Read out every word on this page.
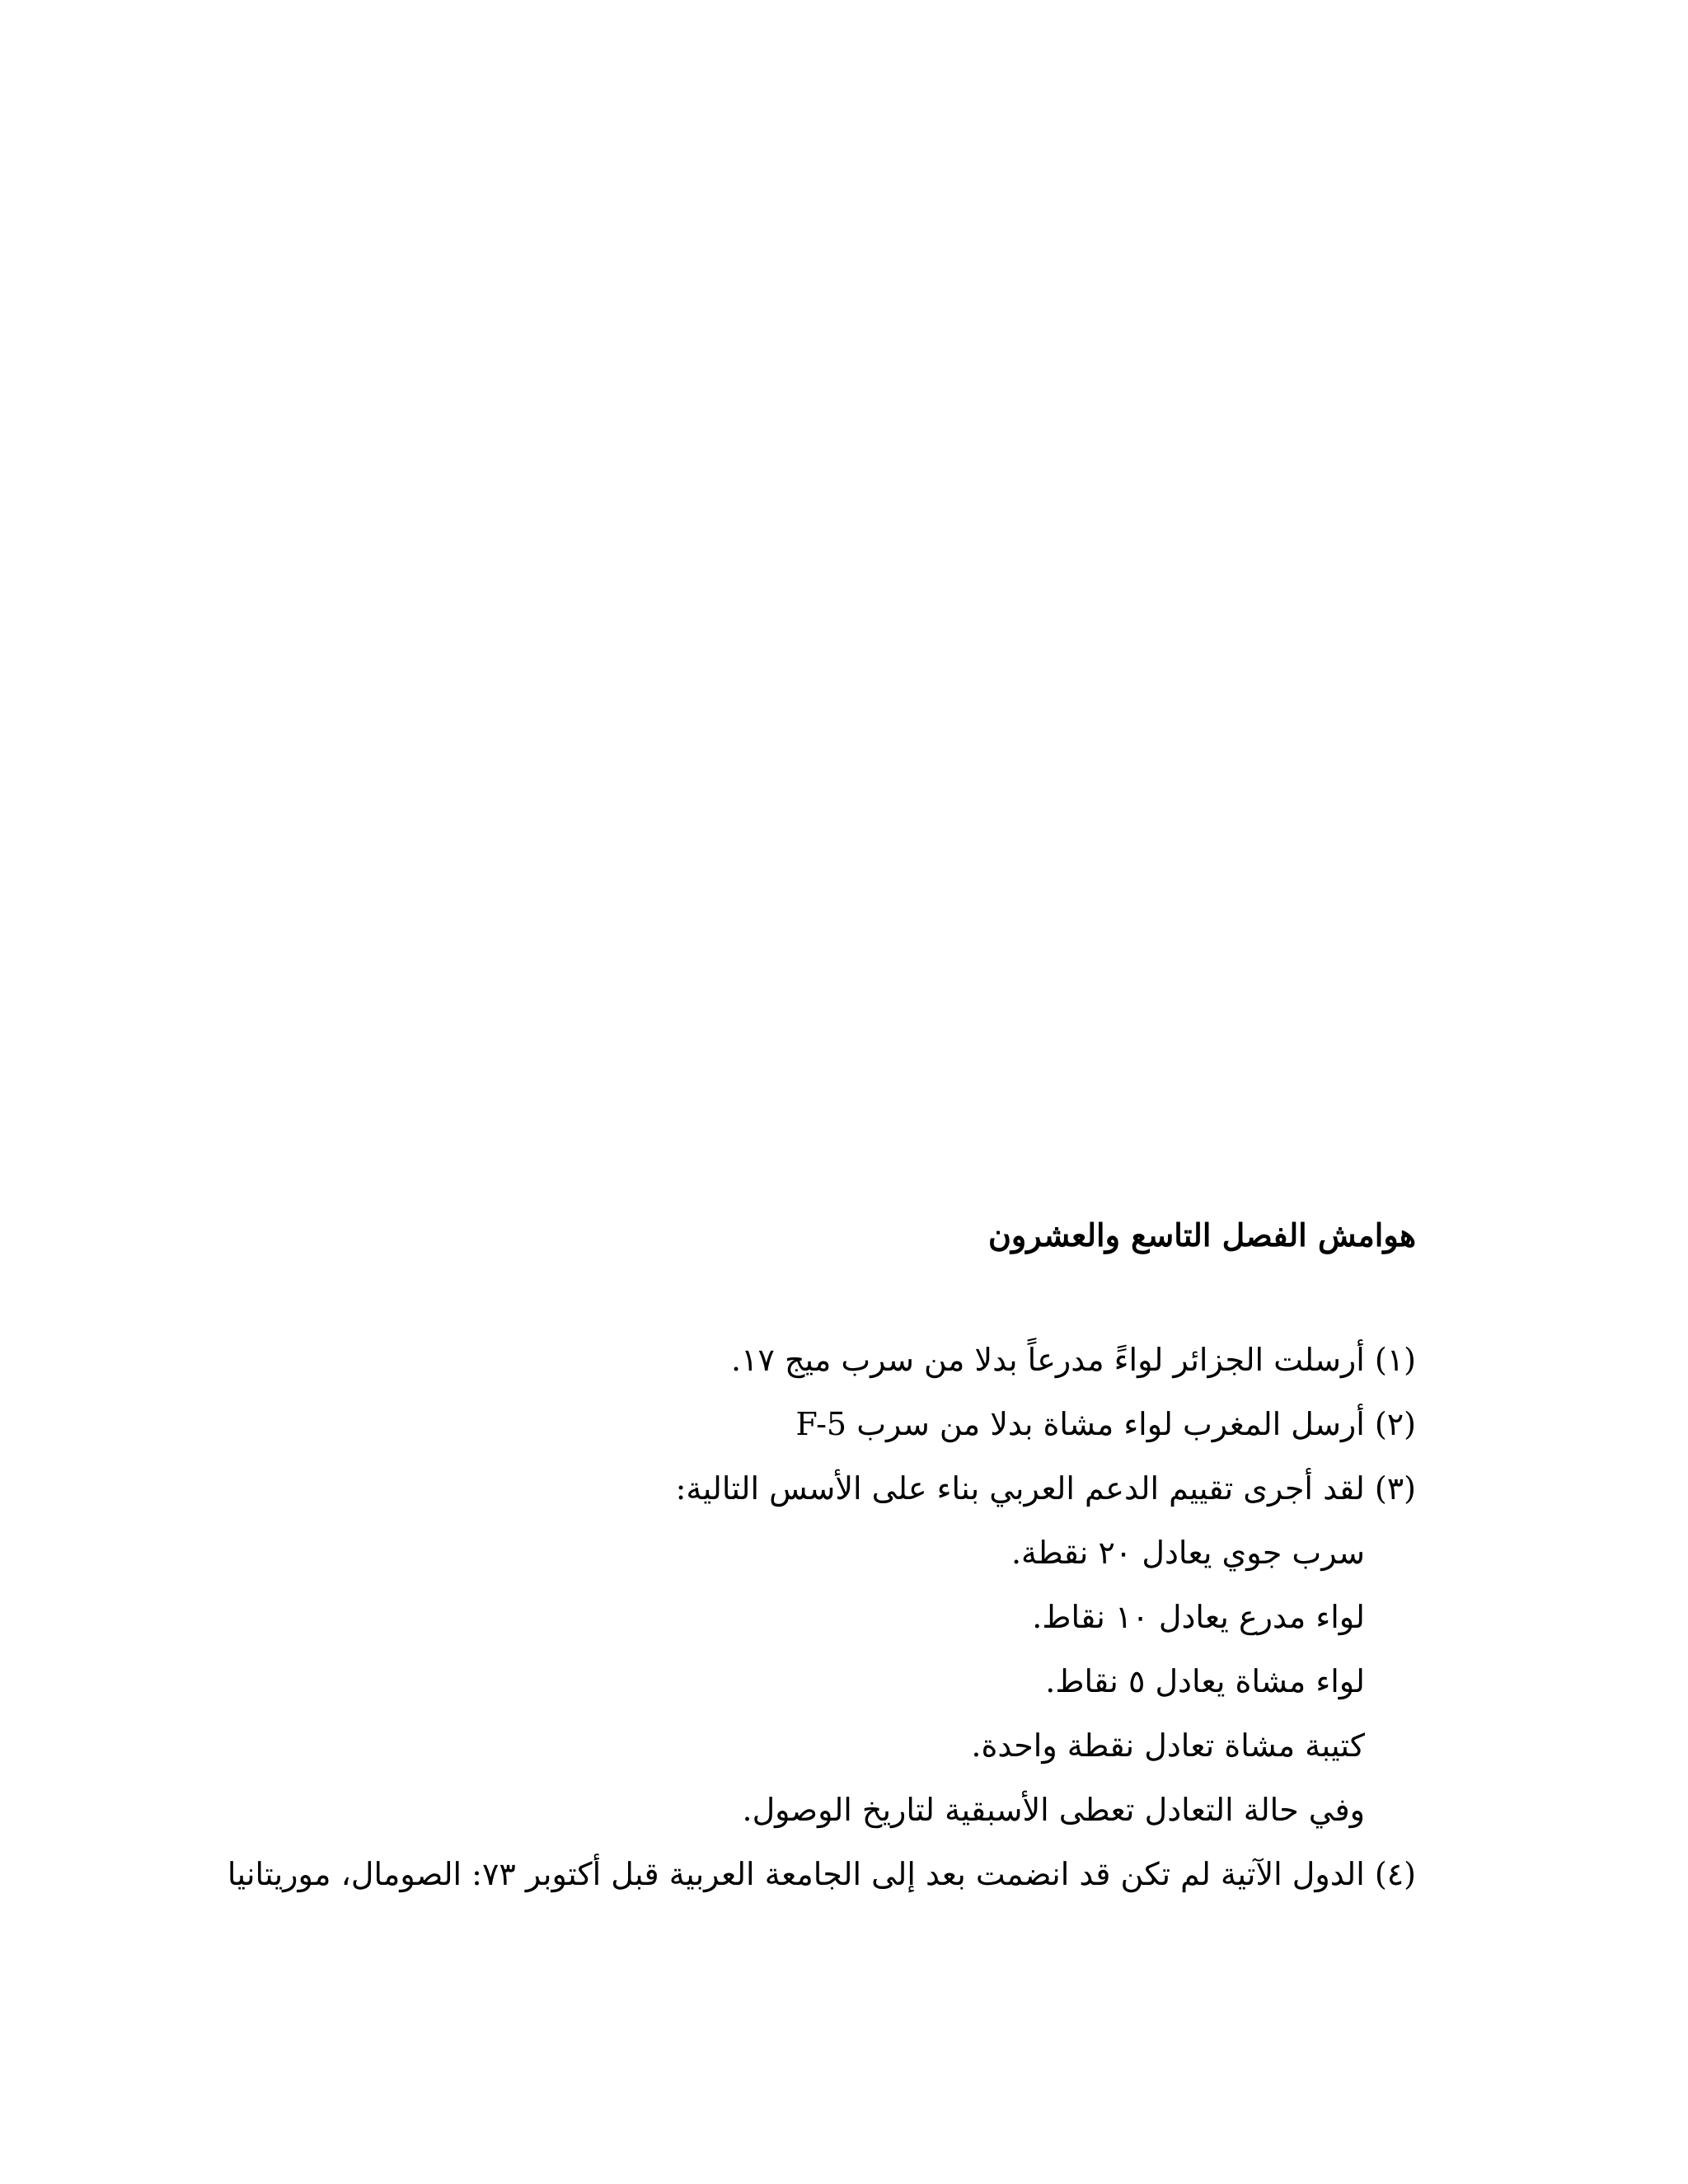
هوامش الفصل التاسع والعشرون
(١) أرسلت الجزائر لواءً مدرعاً بدلا من سرب ميج ١٧.
(٢) أرسل المغرب لواء مشاة بدلا من سرب F-5
(٣) لقد أجرى تقييم الدعم العربي بناء على الأسس التالية:
سرب جوي يعادل ٢٠ نقطة.
لواء مدرع يعادل ١٠ نقاط.
لواء مشاة يعادل ٥ نقاط.
كتيبة مشاة تعادل نقطة واحدة.
وفي حالة التعادل تعطى الأسبقية لتاريخ الوصول.
(٤) الدول الآتية لم تكن قد انضمت بعد إلى الجامعة العربية قبل أكتوبر ٧٣: الصومال، موريتانيا
